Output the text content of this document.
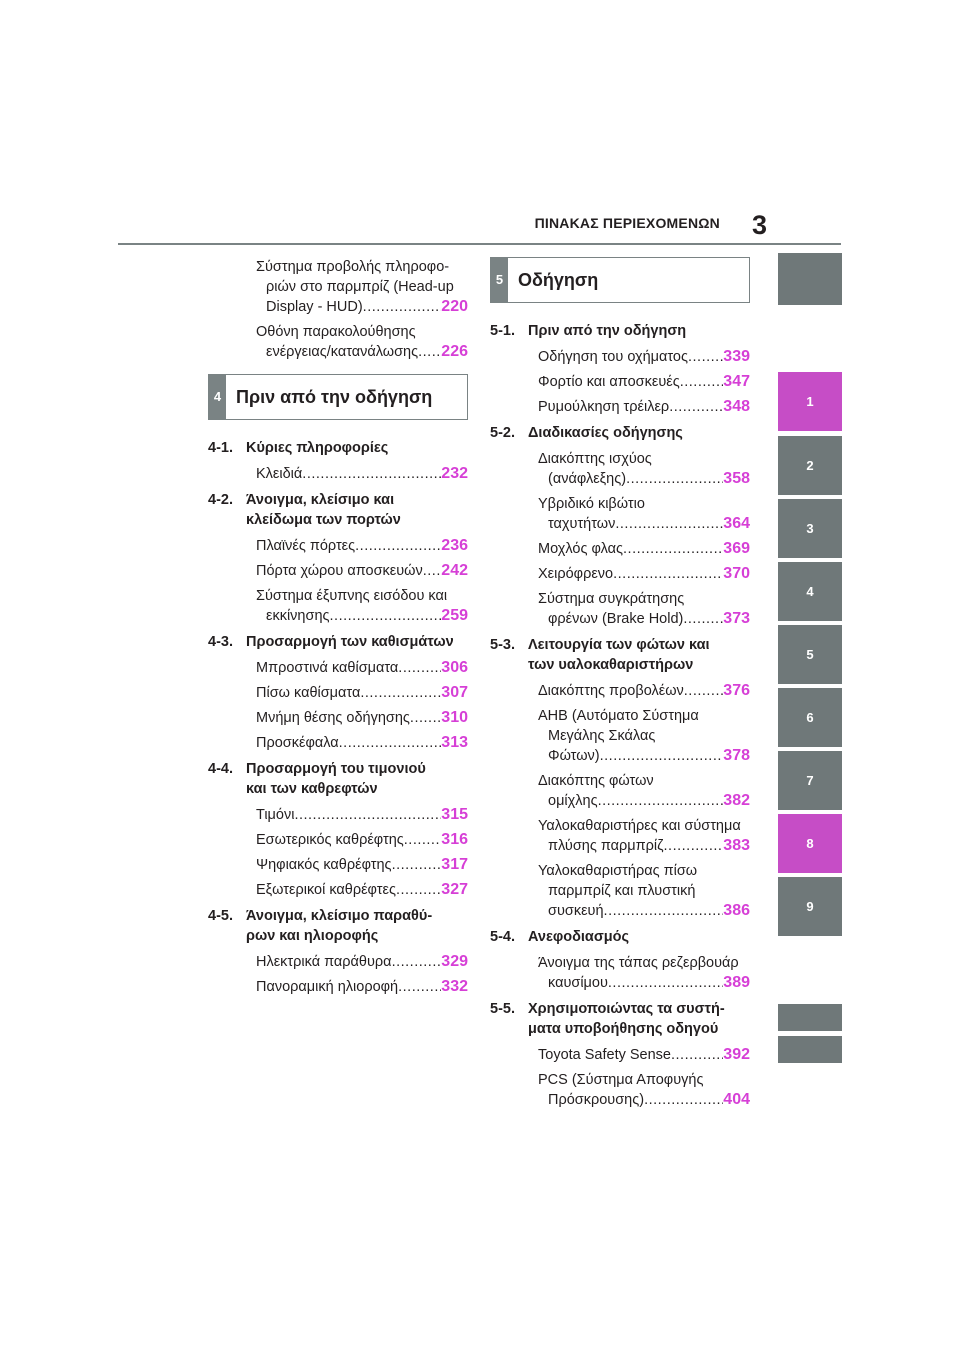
ΠΙΝΑΚΑΣ ΠΕΡΙΕΧΟΜΕΝΩΝ 3
Σύστημα προβολής πληροφο-
ριών στο παρμπρίζ (Head-up
Display - HUD) .....	220
Οθόνη παρακολούθησης
ενέργειας/κατανάλωσης ..... 226
4 Πριν από την οδήγηση
4-1. Κύριες πληροφορίες
Κλειδιά .....	232
4-2. Άνοιγμα, κλείσιμο και
κλείδωμα των πορτών
Πλαϊνές πόρτες .....	236
Πόρτα χώρου αποσκευών ..... 242
Σύστημα έξυπνης εισόδου και
εκκίνησης .....	259
4-3. Προσαρμογή των καθισμάτων
Μπροστινά καθίσματα .....	306
Πίσω καθίσματα .....	307
Μνήμη θέσης οδήγησης ..... 310
Προσκέφαλα .....	313
4-4. Προσαρμογή του τιμονιού
και των καθρεφτών
Τιμόνι .....	315
Εσωτερικός καθρέφτης ..... 316
Ψηφιακός καθρέφτης .....	317
Εξωτερικοί καθρέφτες .....	327
4-5. Άνοιγμα, κλείσιμο παραθύ-
ρων και ηλιοροφής
Ηλεκτρικά παράθυρα .....	329
Πανοραμική ηλιοροφή .....	332
5 Οδήγηση
5-1. Πριν από την οδήγηση
Οδήγηση του οχήματος ..... 339
Φορτίο και αποσκευές .....	347
Ρυμούλκηση τρέιλερ .....	348
5-2. Διαδικασίες οδήγησης
Διακόπτης ισχύος
(ανάφλεξης) .....	358
Υβριδικό κιβώτιο
ταχυτήτων .....	364
Μοχλός φλας .....	369
Χειρόφρενο .....	370
Σύστημα συγκράτησης
φρένων (Brake Hold) ..... 373
5-3. Λειτουργία των φώτων και
των υαλοκαθαριστήρων
Διακόπτης προβολέων ..... 376
AHB (Αυτόματο Σύστημα
Μεγάλης Σκάλας
Φώτων) .....	378
Διακόπτης φώτων
ομίχλης .....	382
Υαλοκαθαριστήρες και σύστημα
πλύσης παρμπρίζ .....	383
Υαλοκαθαριστήρας πίσω
παρμπρίζ και πλυστική
συσκευή .....	386
5-4. Ανεφοδιασμός
Άνοιγμα της τάπας ρεζερβουάρ
καυσίμου .....	389
5-5. Χρησιμοποιώντας τα συστή-
ματα υποβοήθησης οδηγού
Toyota Safety Sense .....	392
PCS (Σύστημα Αποφυγής
Πρόσκρουσης) .....	404
1
2
3
4
5
6
7
8
9
